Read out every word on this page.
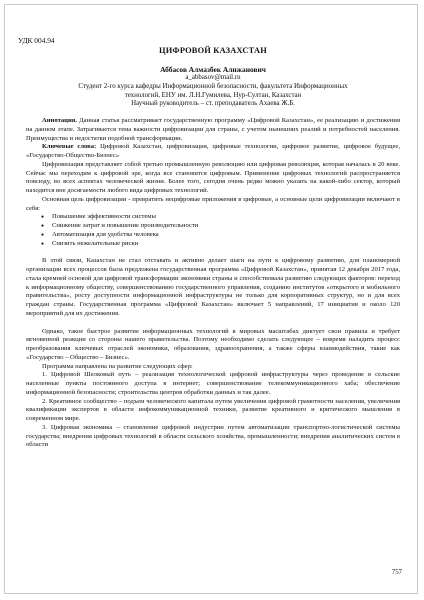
УДК 004.94
ЦИФРОВОЙ КАЗАХСТАН
Аббасов Алмазбек Алижанович
a_abbasov@mail.ru
Студент 2-го курса кафедры Информационной безопасности, факультета Информационных
технологий, ЕНУ им. Л.Н.Гумилева, Нур-Султан, Казахстан
Научный руководитель – ст. преподаватель Ахаева Ж.Б.

Аннотация. Данная статья рассматривает государственную программу «Цифровой Казахстан», ее реализацию и достижения на данном этапе. Затрагивается тема важности цифровизации для страны, с учетом нынешних реалий и потребностей населения. Преимущества и недостатки подобной трансформации.

Ключевые слова: Цифровой Казахстан, цифровизация, цифровые технологии, цифровое развитие, цифровое будущее, «Государство-Общество-Бизнес»

Цифровизация представляет собой третью промышленную революцию или цифровая революция, которая началась в 20 веке. Сейчас мы переходим к цифровой эре, когда все становится цифровым. Применение цифровых технологий распространяется повсюду, во всех аспектах человеческой жизни. Более того, сегодня очень редко можно указать на какой-либо сектор, который находится вне досягаемости любого вида цифровых технологий.

Основная цель цифровизации - превратить нецифровые приложения в цифровые, а основные цели цифровизации включают в себя:

● Повышение эффективности системы
● Снижение затрат и повышение производительности
● Автоматизация для удобства человека
● Снизить нежелательные риски

В этой связи, Казахстан не стал отставать и активно делает шаги на пути к цифровому развитию, для планомерной организации всех процессов была предложена государственная программа «Цифровой Казахстан», принятая 12 декабря 2017 года, стала кремней основой для цифровой трансформации экономики страны и способствовала развитию следующих факторов: переход к информационному обществу, совершенствованию государственного управления, созданию институтов «открытого и мобильного правительства», росту доступности информационной инфраструктуры не только для корпоративных структур, но и для всех граждан страны. Государственная программа «Цифровой Казахстан» включает 5 направлений, 17 инициатив и около 120 мероприятий для их достижения.

Однако, такое быстрое развитие информационных технологий в мировых масштабах диктует свои правила и требует мгновенной реакции со стороны нашего правительства. Поэтому необходимо сделать следующее – вовремя наладить процесс преобразования ключевых отраслей экономики, образования, здравоохранения, а также сферы взаимодействия, такие как «Государство – Общество – Бизнес».

Программа направлена на развитие следующих сфер:

1. Цифровой Шелковый путь – реализация технологической цифровой инфраструктуры через проведение в сельские населенные пункты постоянного доступа в интернет; совершенствование телекоммуникационного хаба; обеспечение информационной безопасности; строительства центров обработки данных и так далее.

2. Креативное сообщество – подъем человеческого капитала путем увеличения цифровой грамотности населения, увеличения квалификации экспертов в области инфокоммуникационной техники, развитие креативного и критического мышления в современном мире.

3. Цифровая экономика – становление цифровой индустрии путем автоматизации транспортно-логистической системы государства; внедрения цифровых технологий в области сельского хозяйства, промышленности; внедрения аналитических систем в области

757
